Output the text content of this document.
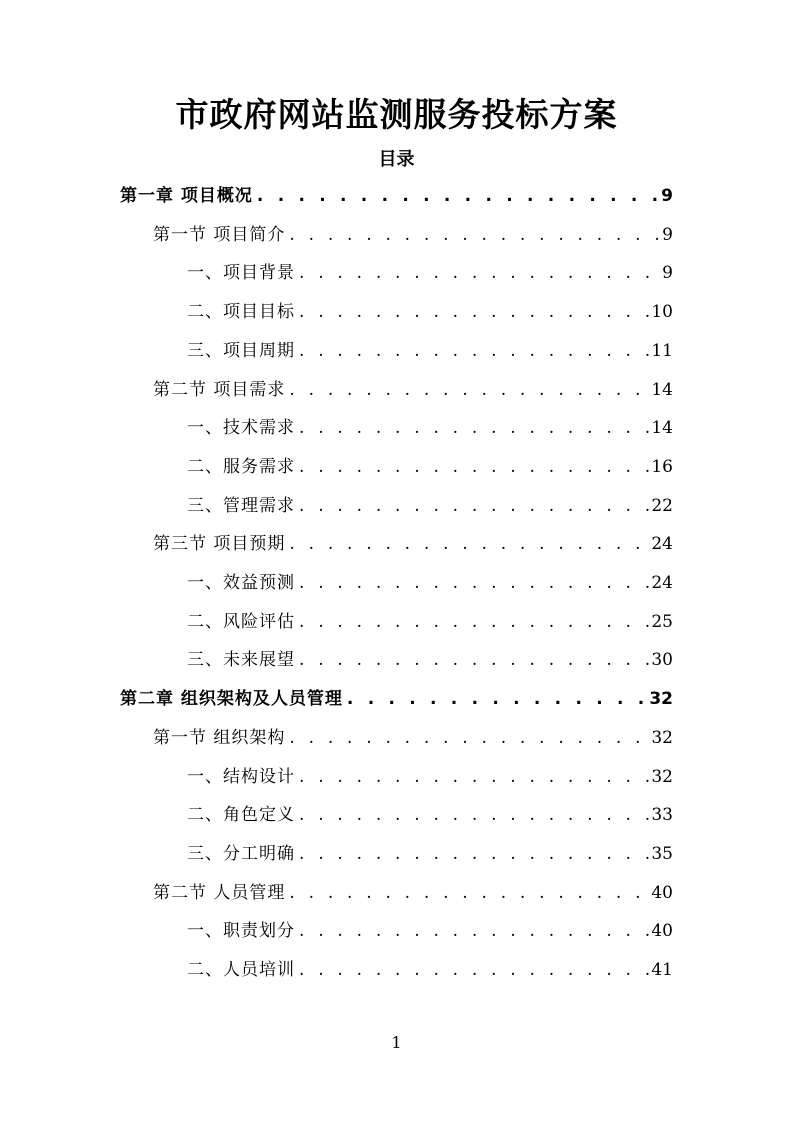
市政府网站监测服务投标方案
目录
第一章 项目概况 . . .	9
第一节 项目简介 . . .	9
一、项目背景 . . .	9
二、项目目标 . . .	10
三、项目周期 . . .	11
第二节 项目需求 . . .	14
一、技术需求 . . .	14
二、服务需求 . . .	16
三、管理需求 . . .	22
第三节 项目预期 . . .	24
一、效益预测 . . .	24
二、风险评估 . . .	25
三、未来展望 . . .	30
第二章 组织架构及人员管理 . . .	32
第一节 组织架构 . . .	32
一、结构设计 . . .	32
二、角色定义 . . .	33
三、分工明确 . . .	35
第二节 人员管理 . . .	40
一、职责划分 . . .	40
二、人员培训 . . .	41
1
